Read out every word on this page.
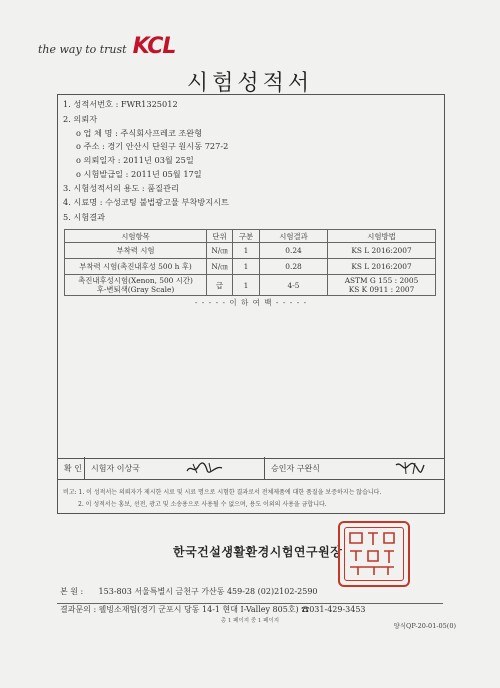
the way to trust KCL
시험성적서
1. 성적서번호 : FWR1325012
2. 의뢰자
o 업 체 명 : 주식회사프레코 조완형
o 주소 : 경기 안산시 단원구 원시동 727-2
o 의뢰일자 : 2011년 03월 25일
o 시험발급일 : 2011년 05월 17일
3. 시험성적서의 용도 : 품질관리
4. 시료명 : 수성코팅 불법광고물 부착방지시트
5. 시험결과
시험항목	단위	구분	시험결과	시험방법
부착력 시험	N/㎝	1	0.24	KS L 2016:2007
부착력 시험(촉진내후성 500 h 후)	N/㎝	1	0.28	KS L 2016:2007
촉진내후성시험(Xenon, 500 시간)
후-변퇴색(Gray Scale)	급	1	4-5	ASTM G 155 : 2005
KS K 0911 : 2007
- - - - - 이 하 여 백 - - - - -
확 인 시험자 이상국	승인자 구완식
비고: 1. 이 성적서는 의뢰자가 제시한 시료 및 시료 명으로 시험한 결과로서 전체제품에 대한 품질을 보증하지는 않습니다.
2. 이 성적서는 홍보, 선전, 광고 및 소송용으로 사용될 수 없으며, 용도 이외의 사용을 금합니다.
한국건설생활환경시험연구원장
본 원 : 153-803 서울특별시 금천구 가산동 459-28 (02)2102-2590
결과문의 : 웰빙소재팀(경기 군포시 당동 14-1 현대 I-Valley 805호) ☎031-429-3453
총 1 페이지 중 1 페이지
양식QP-20-01-05(0)
